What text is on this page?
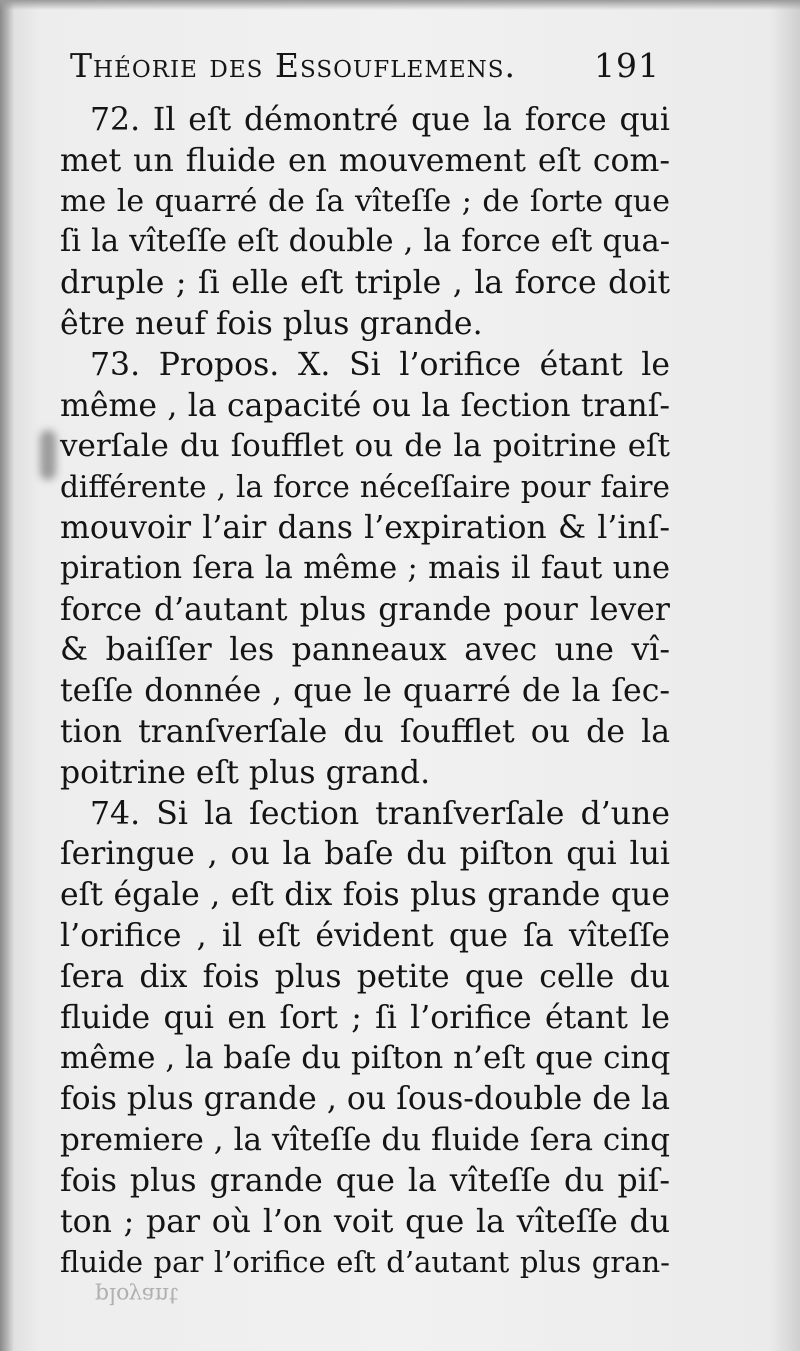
Théorie des Essouflemens. 191
72. Il eſt démontré que la force qui
met un fluide en mouvement eſt com-
me le quarré de ſa vîteſſe ; de ſorte que
ſi la vîteſſe eſt double , la force eſt qua-
druple ; ſi elle eſt triple , la force doit
être neuf fois plus grande.
73. Propos. X. Si l’orifice étant le
même , la capacité ou la ſection tranſ-
verſale du ſoufflet ou de la poitrine eſt
différente , la force néceſſaire pour faire
mouvoir l’air dans l’expiration & l’inſ-
piration ſera la même ; mais il faut une
force d’autant plus grande pour lever
& baiſſer les panneaux avec une vî-
teſſe donnée , que le quarré de la ſec-
tion tranſverſale du ſoufflet ou de la
poitrine eſt plus grand.
74. Si la ſection tranſverſale d’une
ſeringue , ou la baſe du piſton qui lui
eſt égale , eſt dix fois plus grande que
l’orifice , il eſt évident que ſa vîteſſe
ſera dix fois plus petite que celle du
fluide qui en ſort ; ſi l’orifice étant le
même , la baſe du piſton n’eſt que cinq
fois plus grande , ou ſous-double de la
premiere , la vîteſſe du fluide ſera cinq
fois plus grande que la vîteſſe du piſ-
ton ; par où l’on voit que la vîteſſe du
fluide par l’orifice eſt d’autant plus gran-
ployant
